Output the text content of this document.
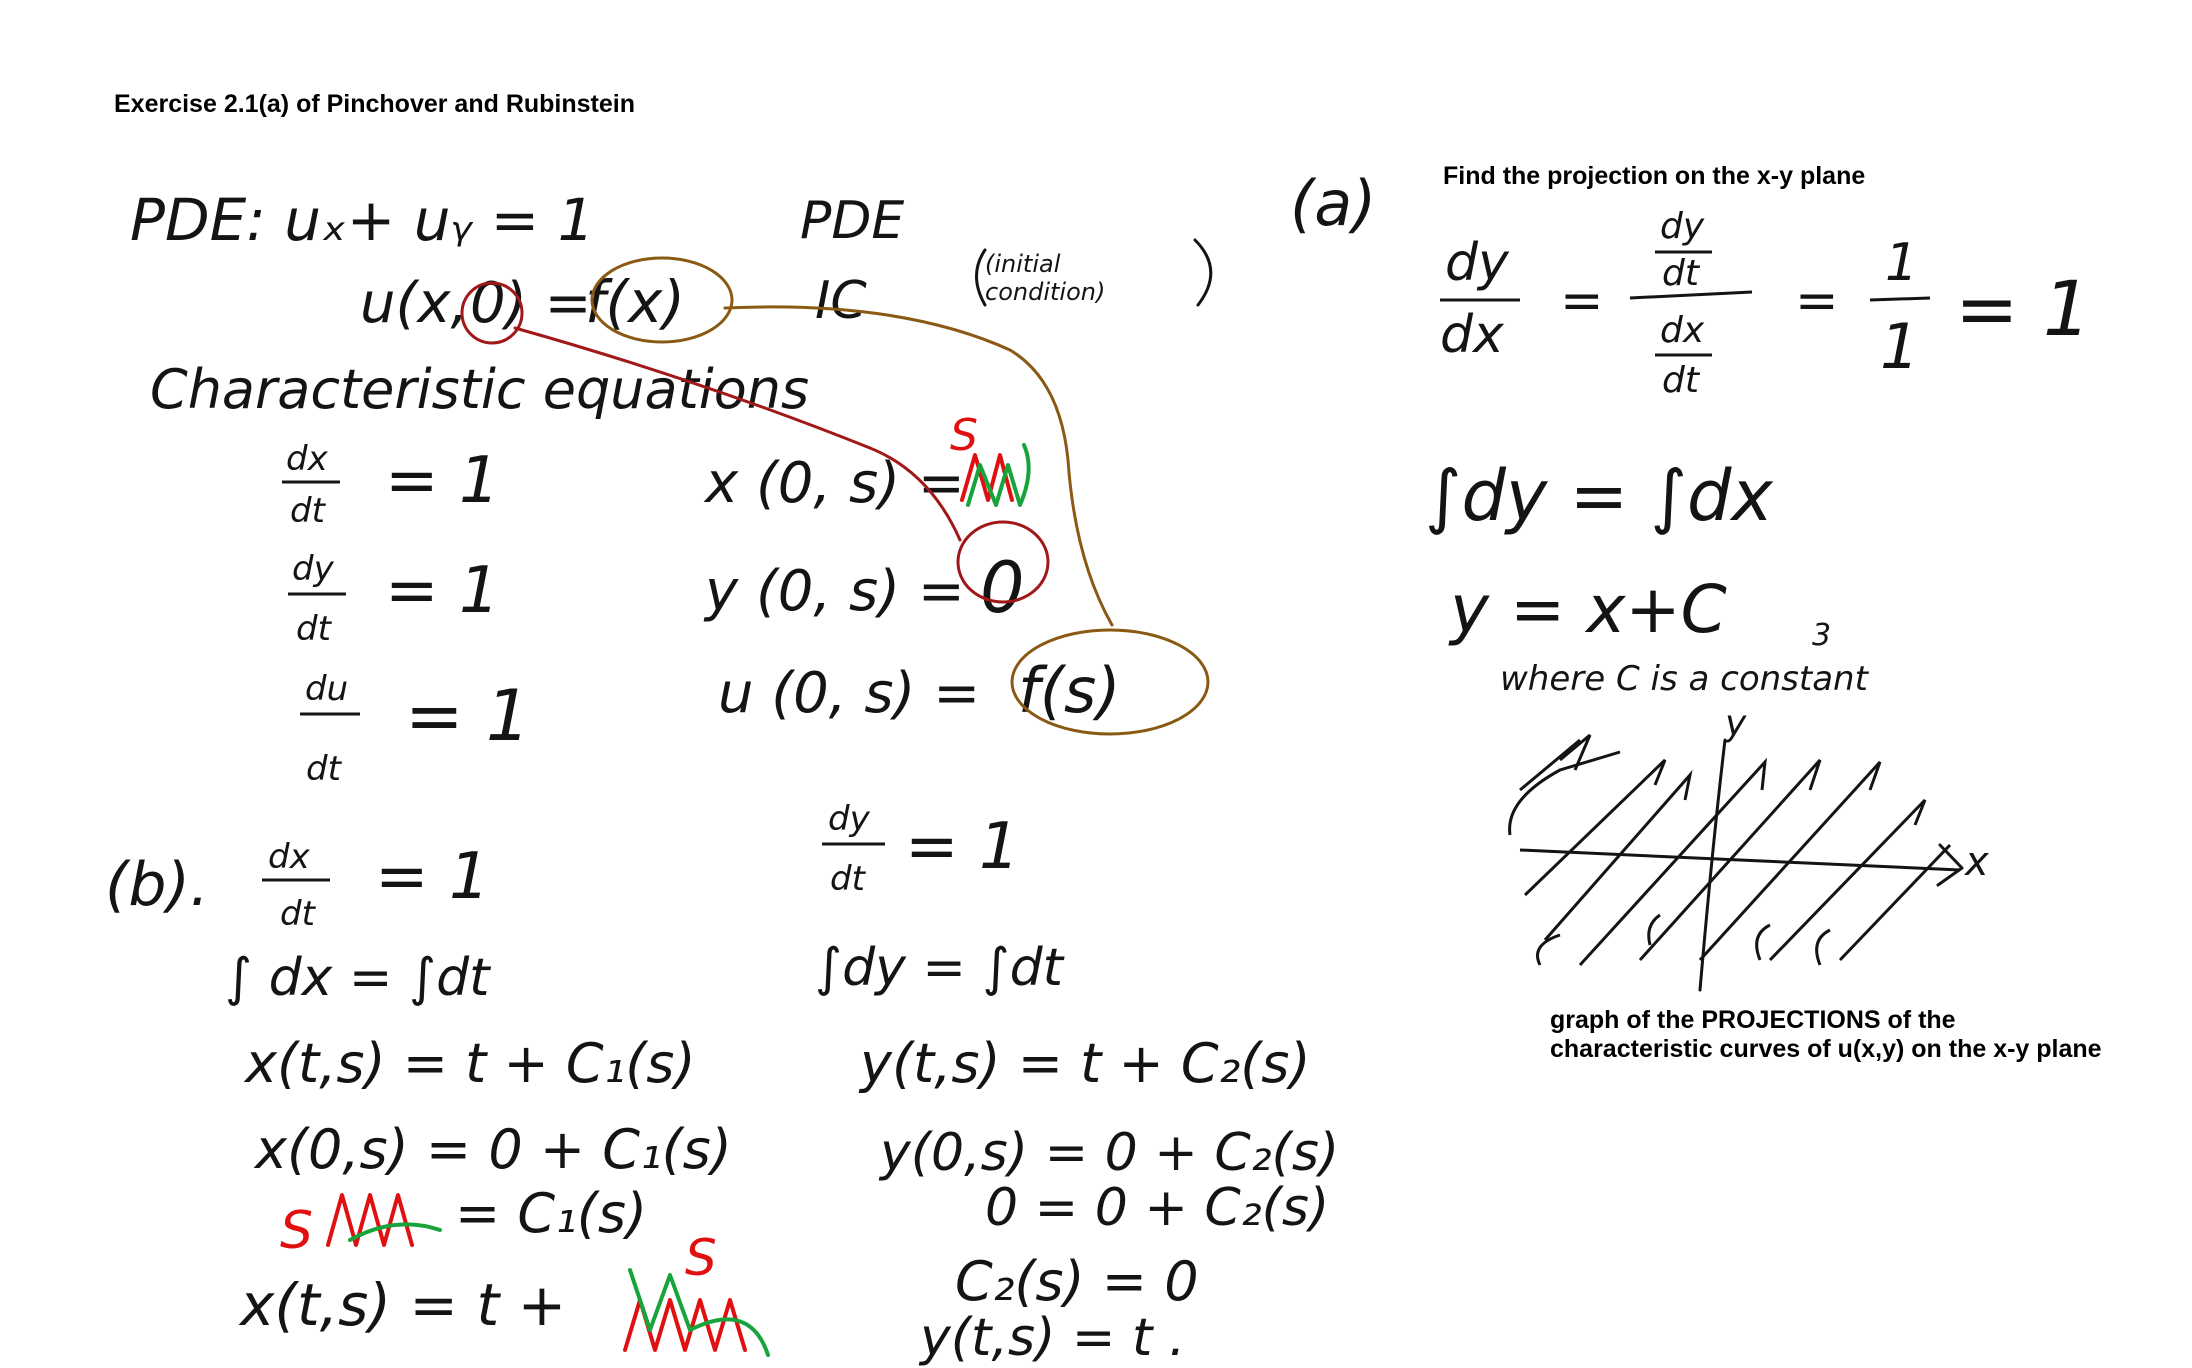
Exercise 2.1(a) of Pinchover and Rubinstein
Find the projection on the x-y plane
graph of the PROJECTIONS of the characteristic curves of u(x,y) on the x-y plane
PDE: uₓ+ uᵧ = 1	PDE
u(x, 0 ) =
f(x)	IC
(initial
condition)
Characteristic equations
dx
dt = 1
dy
dt
= 1
du
dt
= 1
x (0, s) =
S
y (0, s) = 0
u (0, s) = f(s)
(a)
dy
dx
=
dy
dt
dx
dt
=
1
1 = 1
∫dy = ∫dx
y = x+C	3
where C is a constant
x
y
(b). dx
dt = 1
∫ dx = ∫dt
x(t,s) = t + C₁(s)
x(0,s) = 0 + C₁(s)
S	= C₁(s)
x(t,s) = t +
S
dy
dt = 1
∫dy = ∫dt
y(t,s) = t + C₂(s)
y(0,s) = 0 + C₂(s)
0 = 0 + C₂(s)
C₂(s) = 0
y(t,s) = t .
